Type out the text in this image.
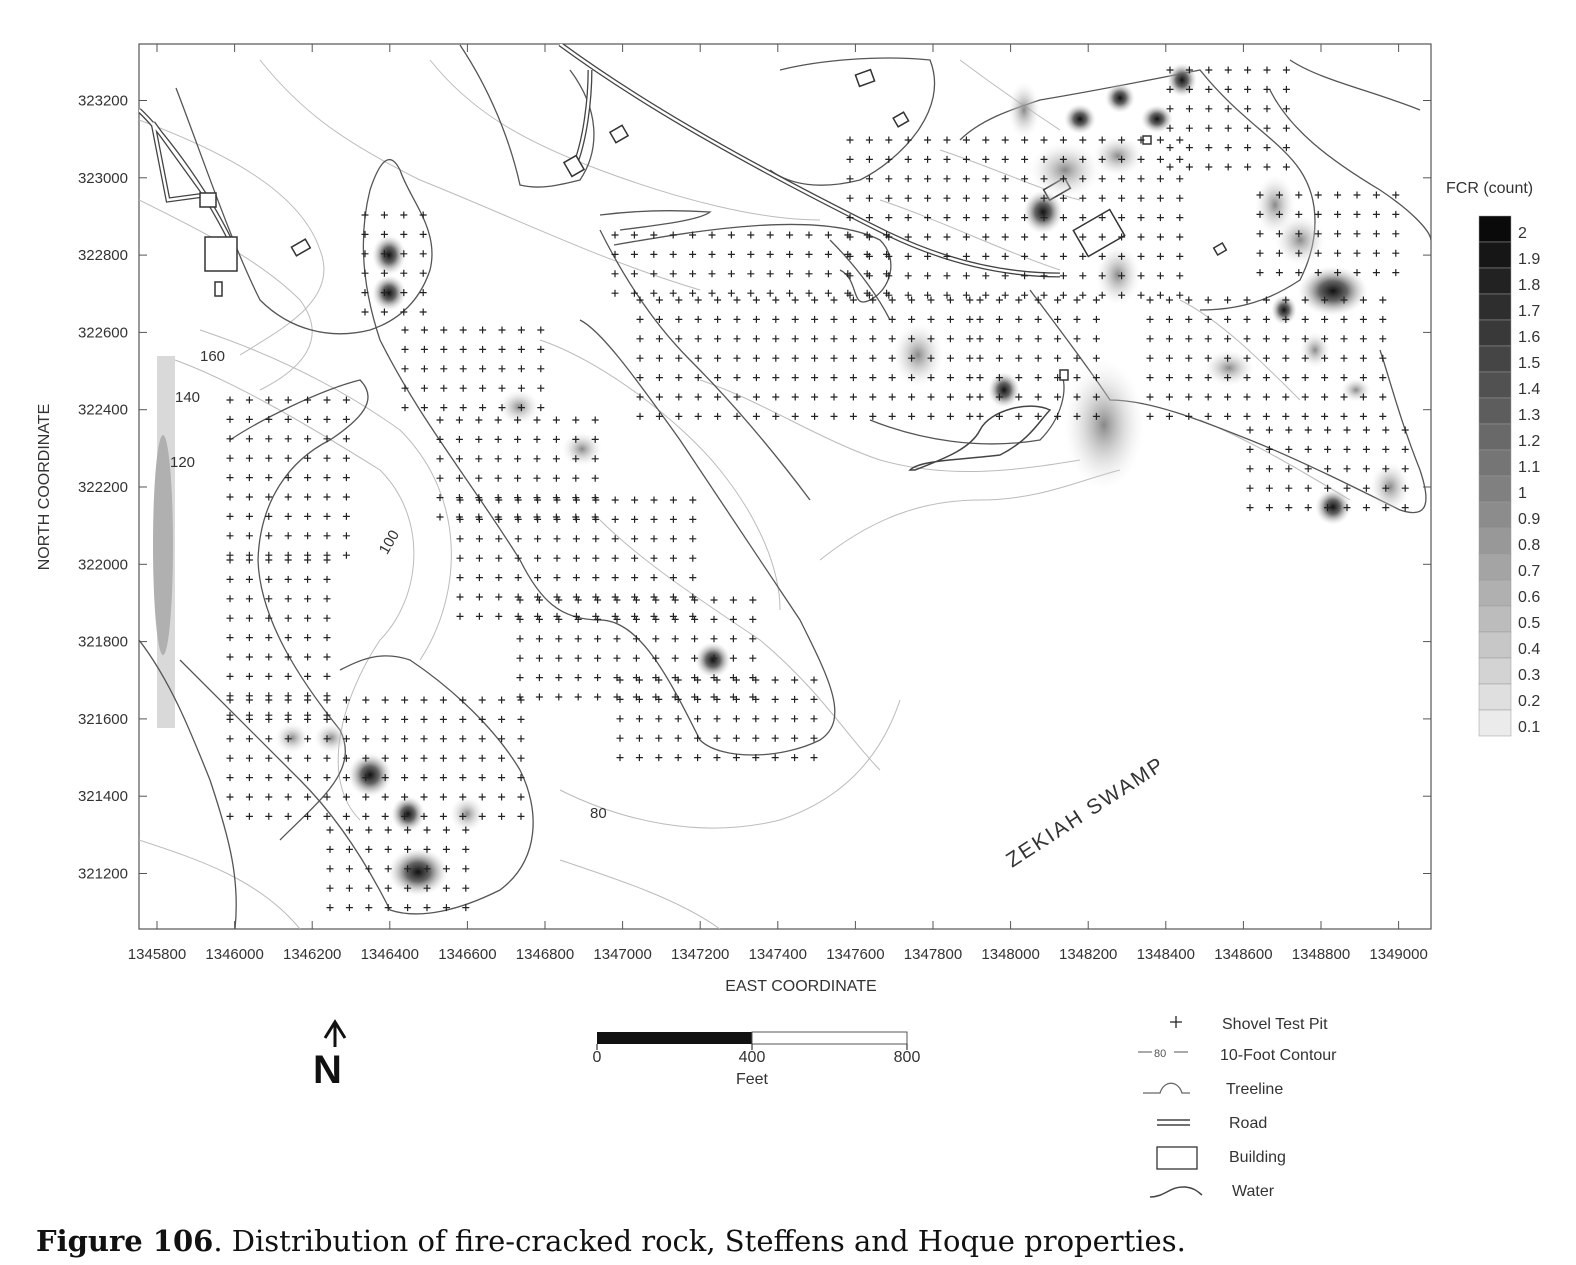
1345800 1346000 1346200 1346400 1346600 1346800 1347000 1347200 1347400 1347600 1347800 1348000 1348200 1348400 1348600 1348800 1349000
323200
323000
322800
322600
322400
322200
322000
321800
321600
321400
321200
EAST COORDINATE
NORTH COORDINATE
160
140
120
100
80	ZEKIAH SWAMP
FCR (count)
2
1.9
1.8
1.7
1.6
1.5
1.4
1.3
1.2
1.1
1
0.9
0.8
0.7
0.6
0.5
0.4
0.3
0.2
0.1
N	0	400	800
Feet
Shovel Test Pit
80	10-Foot Contour
Treeline
Road
Building
Water
Figure 106. Distribution of fire-cracked rock, Steffens and Hoque properties.
